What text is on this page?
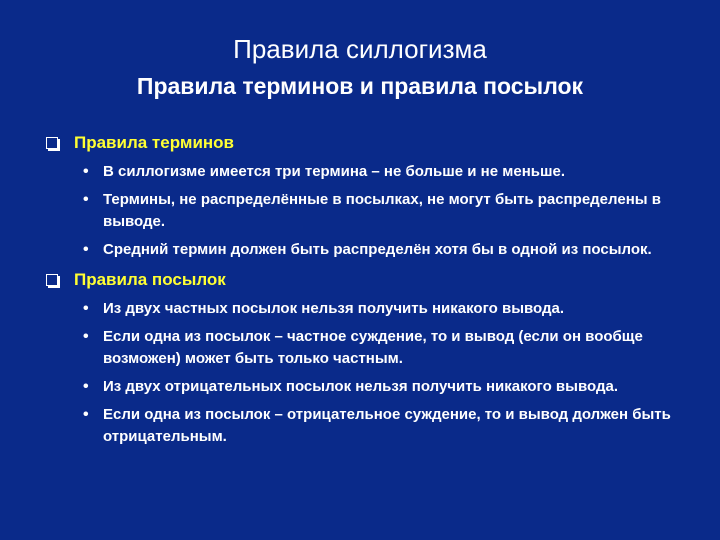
Правила силлогизма
Правила терминов и правила посылок
Правила терминов
• В силлогизме имеется три термина – не больше и не меньше.
• Термины, не распределённые в посылках, не могут быть распределены в выводе.
• Средний термин должен быть распределён хотя бы в одной из посылок.
Правила посылок
• Из двух частных посылок нельзя получить никакого вывода.
• Если одна из посылок – частное суждение, то и вывод (если он вообще возможен) может быть только частным.
• Из двух отрицательных посылок нельзя получить никакого вывода.
• Если одна из посылок – отрицательное суждение, то и вывод должен быть отрицательным.
